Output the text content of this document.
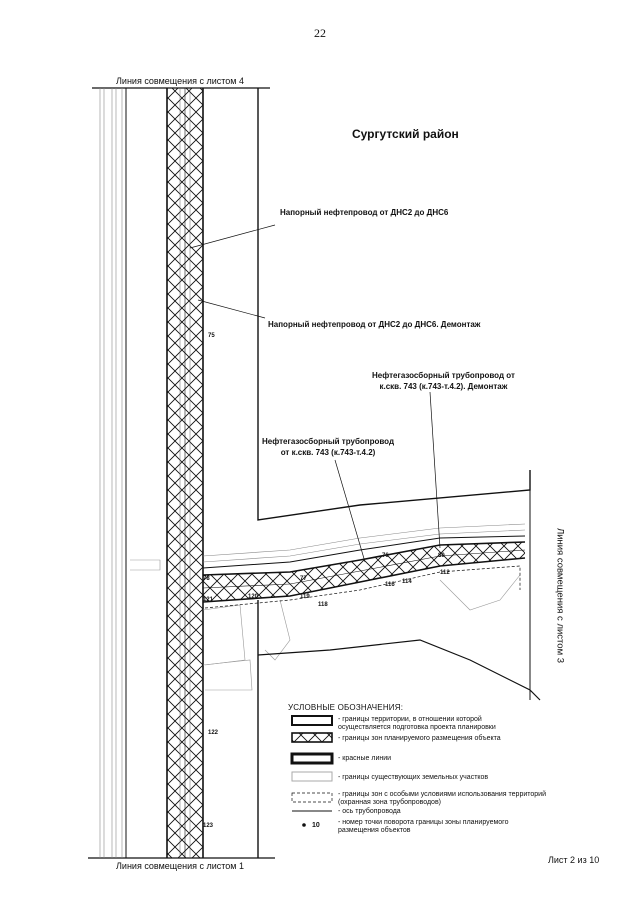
22
Линия совмещения с листом 4
Линия совмещения с листом 1
Линия совмещения с листом 3
Сургутский район
Напорный нефтепровод от ДНС2 до ДНС6
Напорный нефтепровод от ДНС2 до ДНС6. Демонтаж
Нефтегазосборный трубопровод от
к.скв. 743 (к.743-т.4.2). Демонтаж
Нефтегазосборный трубопровод
от к.скв. 743 (к.743-т.4.2)
75
76
77
78
80
112
114
116
118
119
120
121
122
123
УСЛОВНЫЕ ОБОЗНАЧЕНИЯ:
- границы территории, в отношении которой
осуществляется подготовка проекта планировки
- границы зон планируемого размещения объекта
- красные линии
- границы существующих земельных участков
- границы зон с особыми условиями использования территорий
(охранная зона трубопроводов)
- ось трубопровода
- номер точки поворота границы зоны планируемого
размещения объектов
10
Лист 2 из 10
